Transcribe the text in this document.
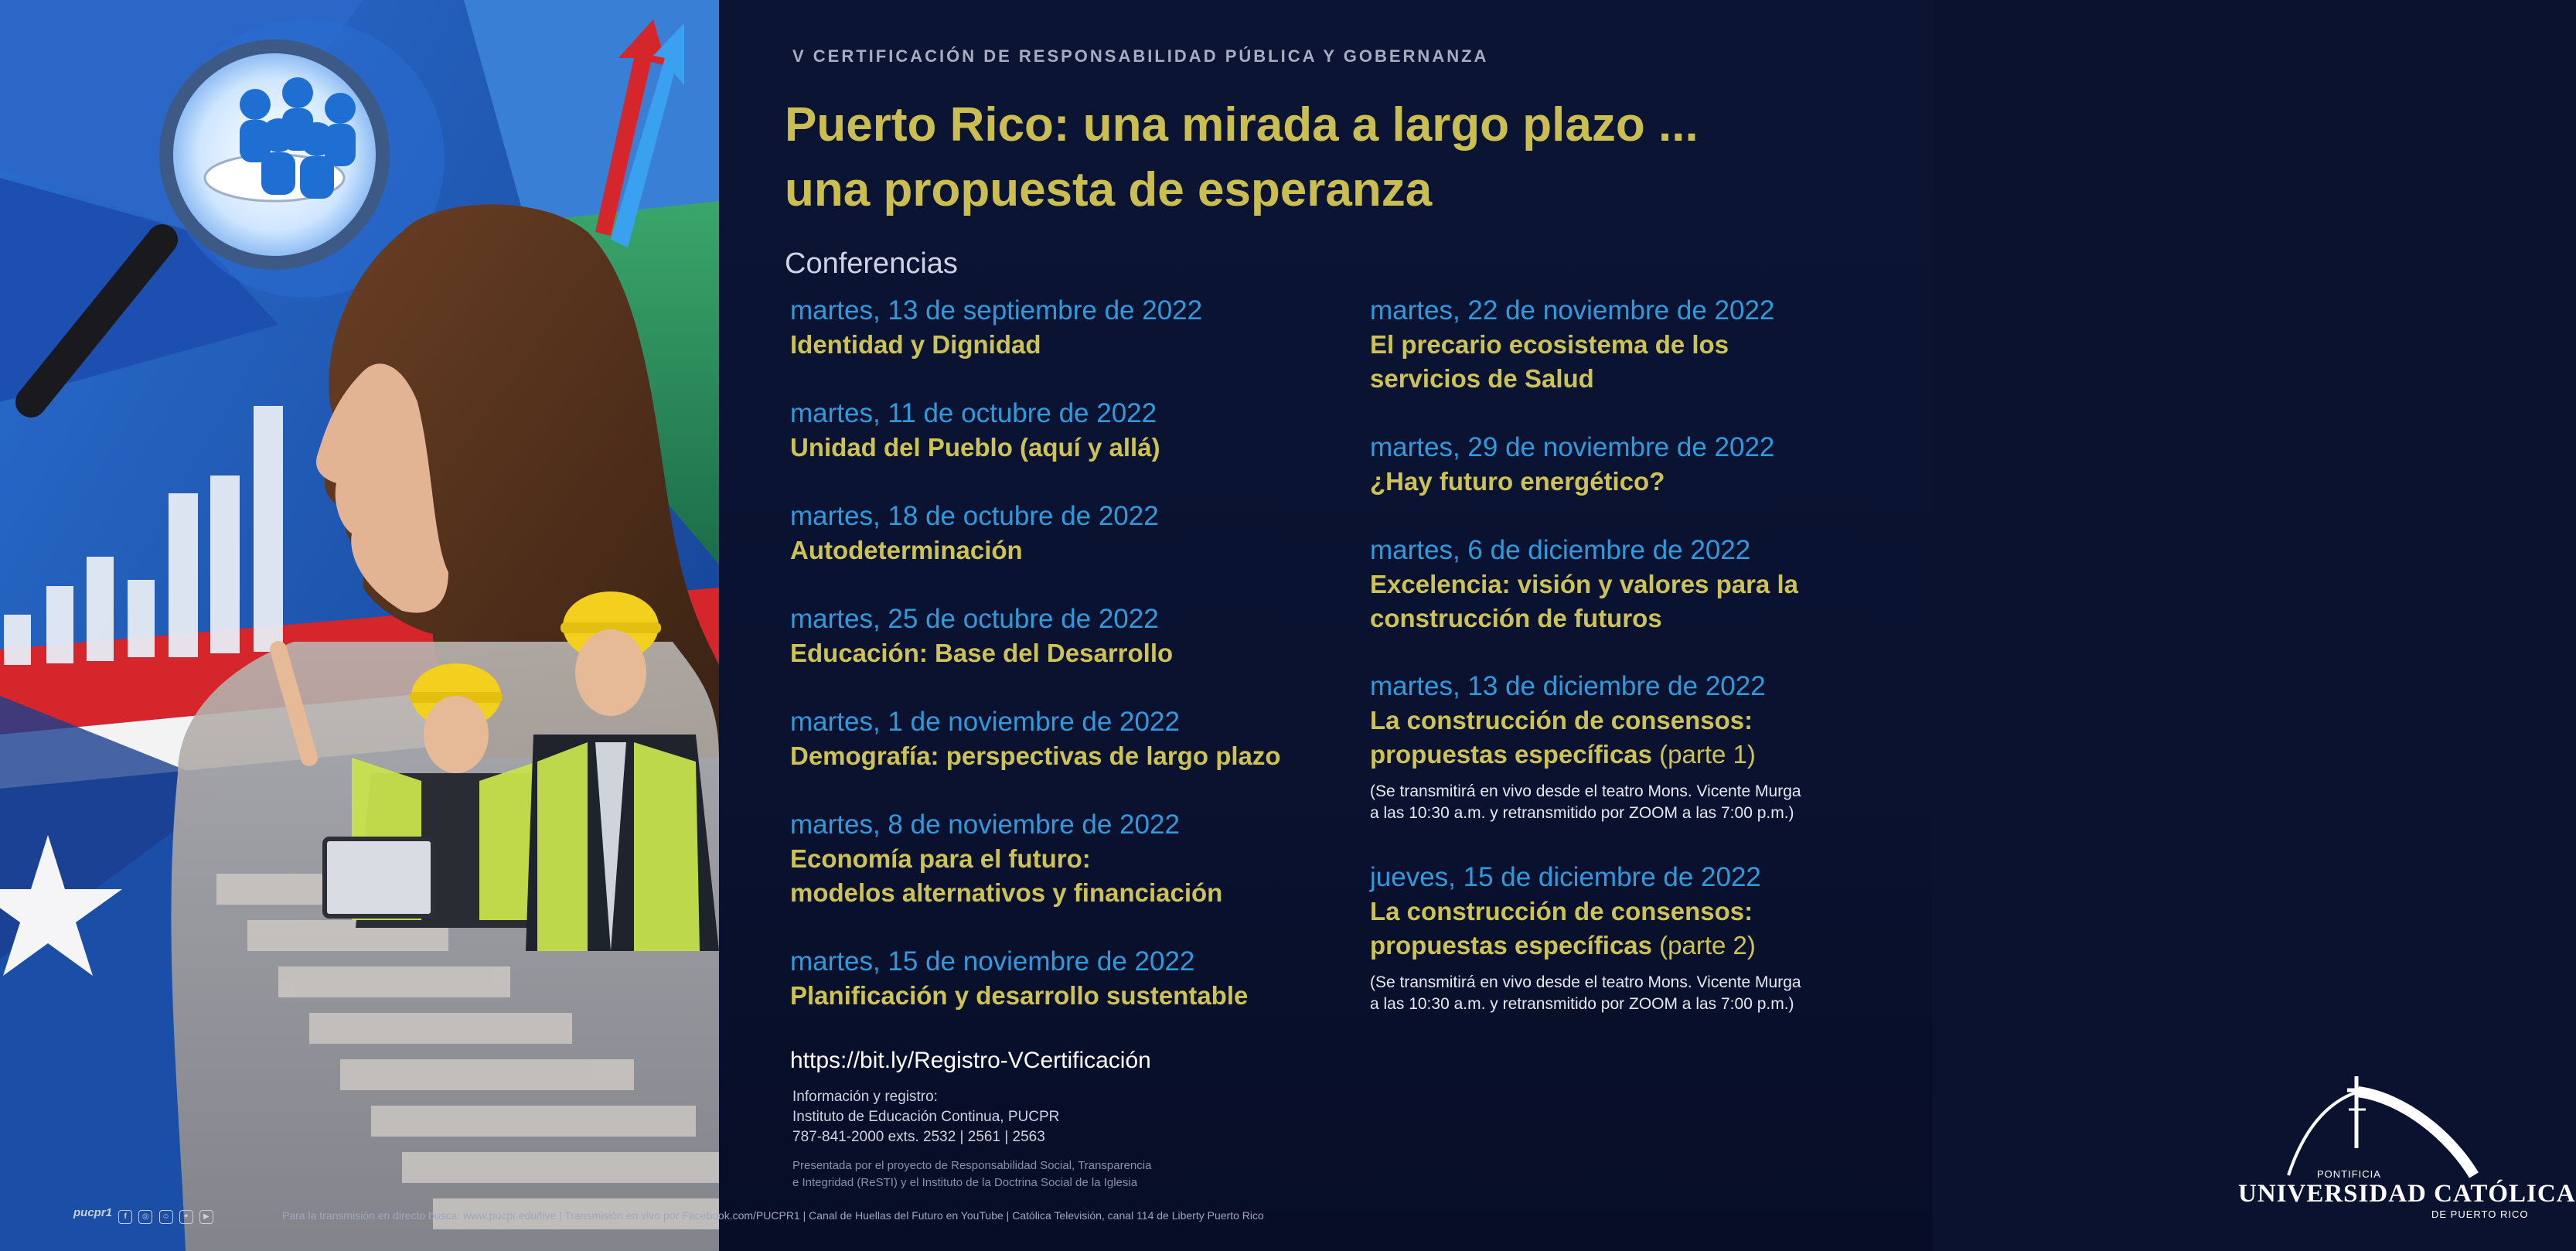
V CERTIFICACIÓN DE RESPONSABILIDAD PÚBLICA Y GOBERNANZA
Puerto Rico: una mirada a largo plazo ...
una propuesta de esperanza
Conferencias
martes, 13 de septiembre de 2022
Identidad y Dignidad
martes, 11 de octubre de 2022
Unidad del Pueblo (aquí y allá)
martes, 18 de octubre de 2022
Autodeterminación
martes, 25 de octubre de 2022
Educación: Base del Desarrollo
martes, 1 de noviembre de 2022
Demografía: perspectivas de largo plazo
martes, 8 de noviembre de 2022
Economía para el futuro:
modelos alternativos y financiación
martes, 15 de noviembre de 2022
Planificación y desarrollo sustentable
martes, 22 de noviembre de 2022
El precario ecosistema de los
servicios de Salud
martes, 29 de noviembre de 2022
¿Hay futuro energético?
martes, 6 de diciembre de 2022
Excelencia: visión y valores para la
construcción de futuros
martes, 13 de diciembre de 2022
La construcción de consensos:
propuestas específicas (parte 1)
(Se transmitirá en vivo desde el teatro Mons. Vicente Murga
a las 10:30 a.m. y retransmitido por ZOOM a las 7:00 p.m.)
jueves, 15 de diciembre de 2022
La construcción de consensos:
propuestas específicas (parte 2)
(Se transmitirá en vivo desde el teatro Mons. Vicente Murga
a las 10:30 a.m. y retransmitido por ZOOM a las 7:00 p.m.)
https://bit.ly/Registro-VCertificación
Información y registro:
Instituto de Educación Continua, PUCPR
787-841-2000 exts. 2532 | 2561 | 2563
Presentada por el proyecto de Responsabilidad Social, Transparencia
e Integridad (ReSTI) y el Instituto de la Doctrina Social de la Iglesia
PONTIFICIA
UNIVERSIDAD CATÓLICA
DE PUERTO RICO
pucpr1 f ◎ ☺ ✦ ▶	Para la transmisión en directo busca: www.pucpr.edu/live | Transmisión en vivo por Facebook.com/PUCPR1 | Canal de Huellas del Futuro en YouTube | Católica Televisión, canal 114 de Liberty Puerto Rico
